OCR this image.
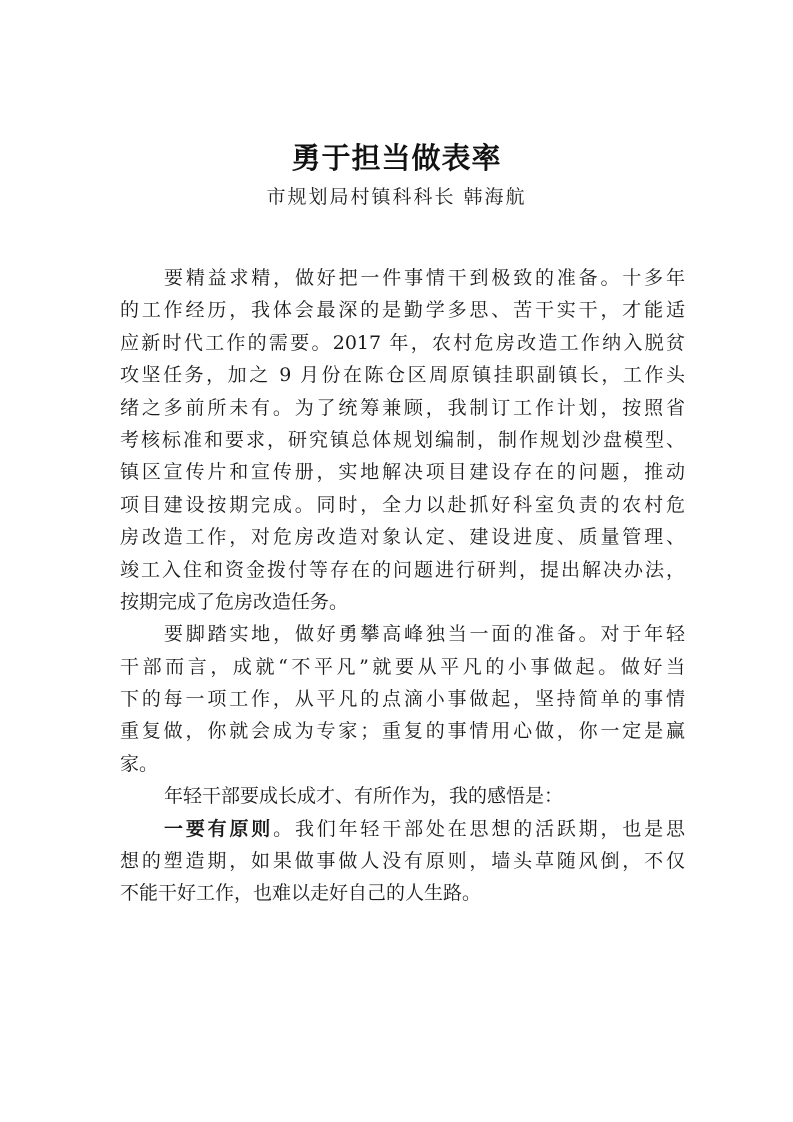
勇于担当做表率
市规划局村镇科科长 韩海航
要精益求精，做好把一件事情干到极致的准备。十多年
的工作经历，我体会最深的是勤学多思、苦干实干，才能适
应新时代工作的需要。2017 年，农村危房改造工作纳入脱贫
攻坚任务，加之 9 月份在陈仓区周原镇挂职副镇长，工作头
绪之多前所未有。为了统筹兼顾，我制订工作计划，按照省
考核标准和要求，研究镇总体规划编制，制作规划沙盘模型、
镇区宣传片和宣传册，实地解决项目建设存在的问题，推动
项目建设按期完成。同时，全力以赴抓好科室负责的农村危
房改造工作，对危房改造对象认定、建设进度、质量管理、
竣工入住和资金拨付等存在的问题进行研判，提出解决办法，
按期完成了危房改造任务。
要脚踏实地，做好勇攀高峰独当一面的准备。对于年轻
干部而言，成就“不平凡”就要从平凡的小事做起。做好当
下的每一项工作，从平凡的点滴小事做起，坚持简单的事情
重复做，你就会成为专家；重复的事情用心做，你一定是赢
家。
年轻干部要成长成才、有所作为，我的感悟是：
一要有原则。我们年轻干部处在思想的活跃期，也是思
想的塑造期，如果做事做人没有原则，墙头草随风倒，不仅
不能干好工作，也难以走好自己的人生路。
